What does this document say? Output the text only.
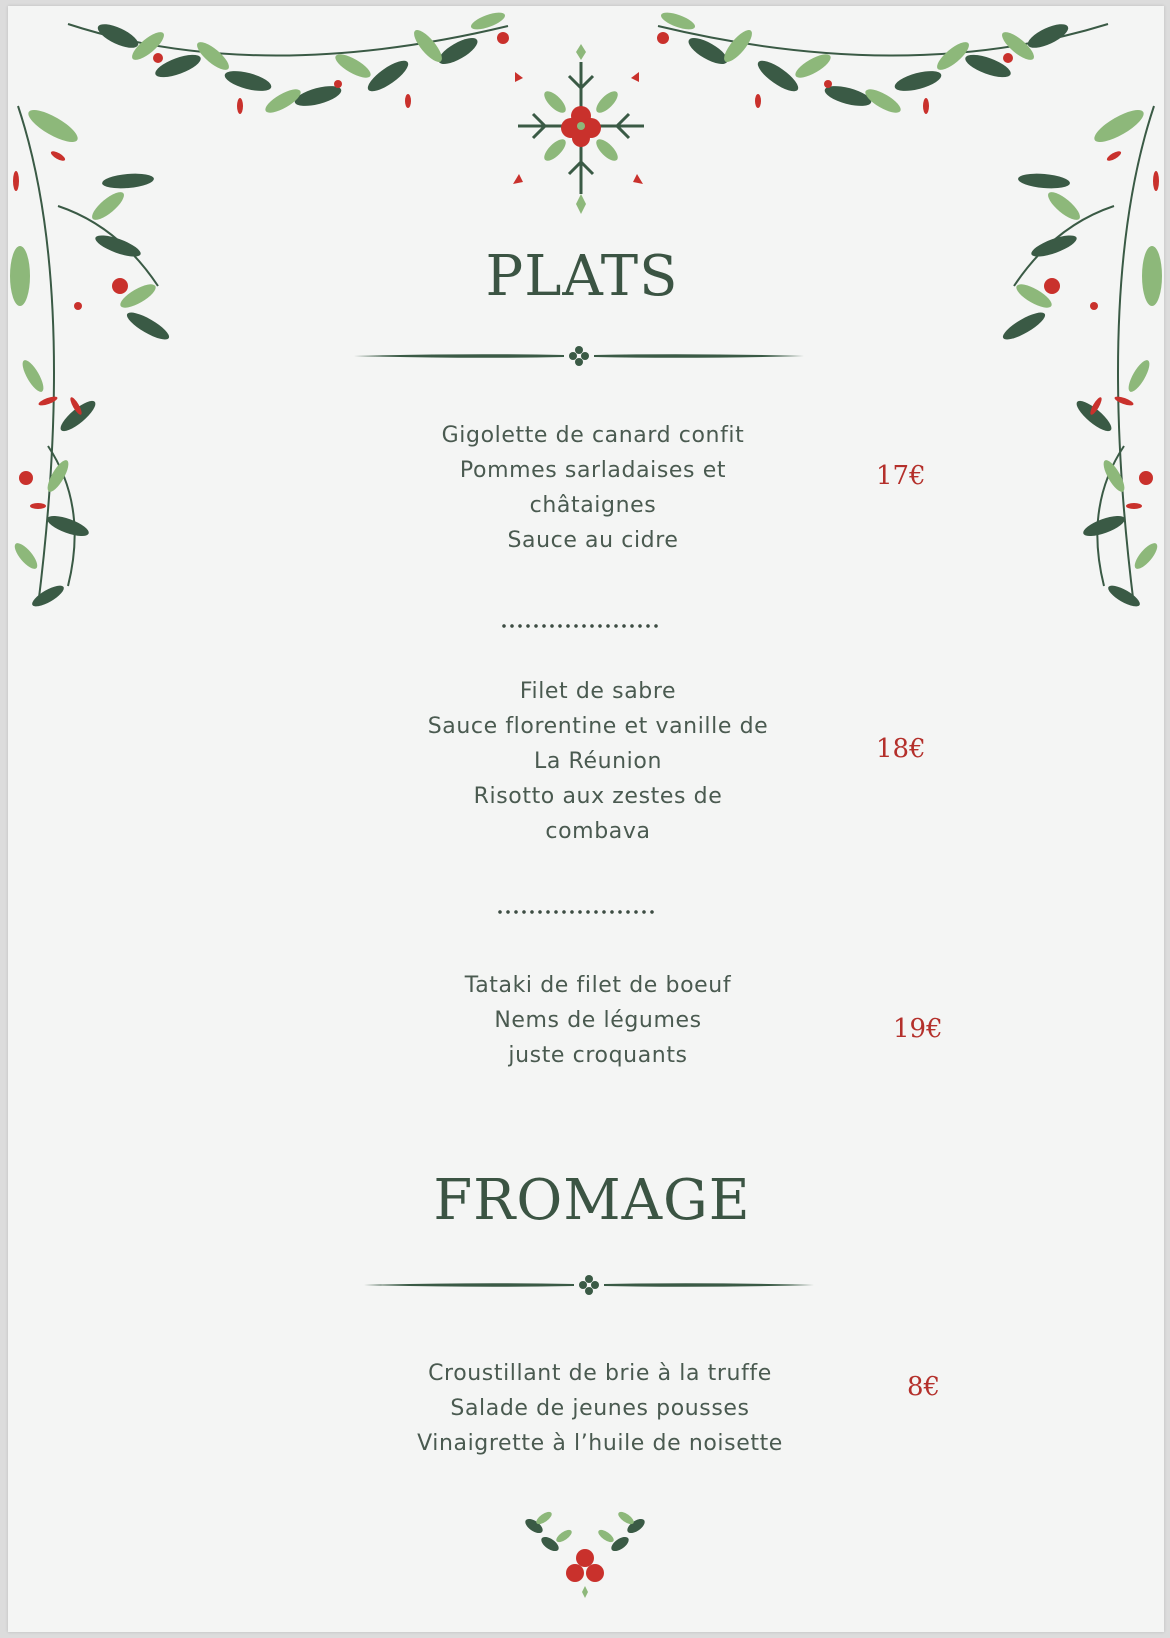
PLATS
Gigolette de canard confit
Pommes sarladaises et
châtaignes
Sauce au cidre
17€
Filet de sabre
Sauce florentine et vanille de
La Réunion
Risotto aux zestes de
combava
18€
Tataki de filet de boeuf
Nems de légumes
juste croquants
19€
FROMAGE
Croustillant de brie à la truffe
Salade de jeunes pousses
Vinaigrette à l’huile de noisette
8€
